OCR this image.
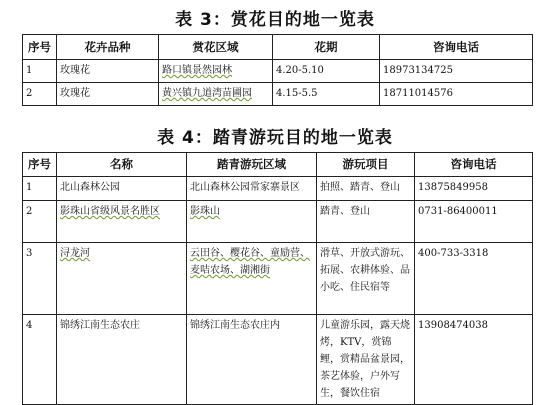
表 3：赏花目的地一览表
序号	花卉品种	赏花区域	花期	咨询电话
1	玫瑰花	路口镇景然园林	4.20-5.10	18973134725
2	玫瑰花	黄兴镇九道湾苗圃园	4.15-5.5	18711014576
表 4：踏青游玩目的地一览表
序号	名称	踏青游玩区域	游玩项目	咨询电话
1	北山森林公园	北山森林公园常家寨景区	拍照、踏青、登山	13875849958
2	影珠山省级风景名胜区	影珠山	踏青、登山	0731-86400011
3	浔龙河	云田谷、樱花谷、童励营、麦咭农场、湖湘街	滑草、开放式游玩、拓展、农耕体验、品小吃、住民宿等	400-733-3318
4	锦绣江南生态农庄	锦绣江南生态农庄内	儿童游乐园，露天烧烤，KTV，赏锦鲤，赏精品盆景园，茶艺体验，户外写生，餐饮住宿	13908474038
